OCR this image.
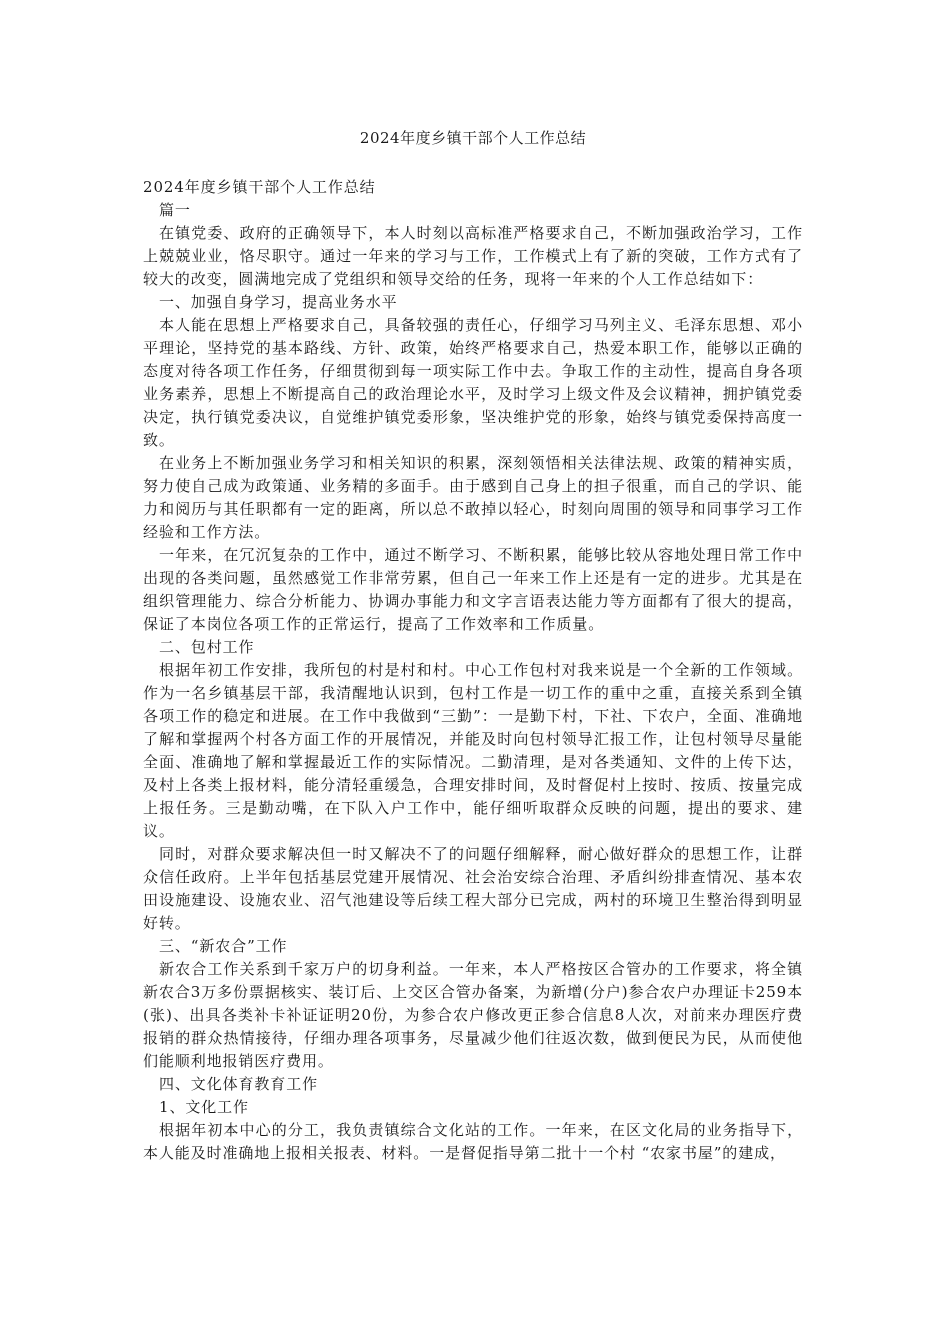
2024年度乡镇干部个人工作总结

2024年度乡镇干部个人工作总结

篇一

在镇党委、政府的正确领导下，本人时刻以高标准严格要求自己，不断加强政治学习，工作上兢兢业业，恪尽职守。通过一年来的学习与工作，工作模式上有了新的突破，工作方式有了较大的改变，圆满地完成了党组织和领导交给的任务，现将一年来的个人工作总结如下：

一、加强自身学习，提高业务水平

本人能在思想上严格要求自己，具备较强的责任心，仔细学习马列主义、毛泽东思想、邓小平理论，坚持党的基本路线、方针、政策，始终严格要求自己，热爱本职工作，能够以正确的态度对待各项工作任务，仔细贯彻到每一项实际工作中去。争取工作的主动性，提高自身各项业务素养，思想上不断提高自己的政治理论水平，及时学习上级文件及会议精神，拥护镇党委决定，执行镇党委决议，自觉维护镇党委形象，坚决维护党的形象，始终与镇党委保持高度一致。

在业务上不断加强业务学习和相关知识的积累，深刻领悟相关法律法规、政策的精神实质，努力使自己成为政策通、业务精的多面手。由于感到自己身上的担子很重，而自己的学识、能力和阅历与其任职都有一定的距离，所以总不敢掉以轻心，时刻向周围的领导和同事学习工作经验和工作方法。

一年来，在冗沉复杂的工作中，通过不断学习、不断积累，能够比较从容地处理日常工作中出现的各类问题，虽然感觉工作非常劳累，但自己一年来工作上还是有一定的进步。尤其是在组织管理能力、综合分析能力、协调办事能力和文字言语表达能力等方面都有了很大的提高，保证了本岗位各项工作的正常运行，提高了工作效率和工作质量。

二、包村工作

根据年初工作安排，我所包的村是村和村。中心工作包村对我来说是一个全新的工作领域。作为一名乡镇基层干部，我清醒地认识到，包村工作是一切工作的重中之重，直接关系到全镇各项工作的稳定和进展。在工作中我做到“三勤”：一是勤下村，下社、下农户，全面、准确地了解和掌握两个村各方面工作的开展情况，并能及时向包村领导汇报工作，让包村领导尽量能全面、准确地了解和掌握最近工作的实际情况。二勤清理，是对各类通知、文件的上传下达，及村上各类上报材料，能分清轻重缓急，合理安排时间，及时督促村上按时、按质、按量完成上报任务。三是勤动嘴，在下队入户工作中，能仔细听取群众反映的问题，提出的要求、建议。

同时，对群众要求解决但一时又解决不了的问题仔细解释，耐心做好群众的思想工作，让群众信任政府。上半年包括基层党建开展情况、社会治安综合治理、矛盾纠纷排查情况、基本农田设施建设、设施农业、沼气池建设等后续工程大部分已完成，两村的环境卫生整治得到明显好转。

三、“新农合”工作

新农合工作关系到千家万户的切身利益。一年来，本人严格按区合管办的工作要求，将全镇新农合3万多份票据核实、装订后、上交区合管办备案，为新增(分户)参合农户办理证卡259本(张)、出具各类补卡补证证明20份，为参合农户修改更正参合信息8人次，对前来办理医疗费报销的群众热情接待，仔细办理各项事务，尽量减少他们往返次数，做到便民为民，从而使他们能顺利地报销医疗费用。

四、文化体育教育工作

1、文化工作

根据年初本中心的分工，我负责镇综合文化站的工作。一年来，在区文化局的业务指导下，本人能及时准确地上报相关报表、材料。一是督促指导第二批十一个村 “农家书屋”的建成，
